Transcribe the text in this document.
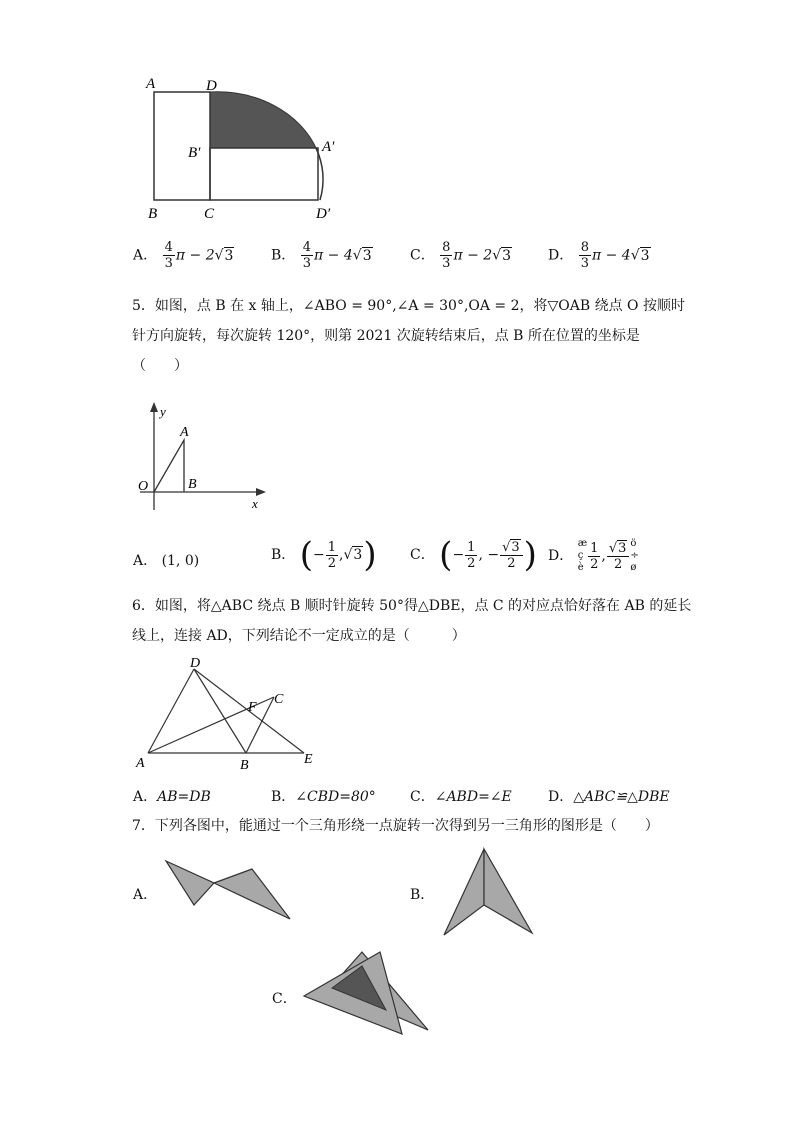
A	D
B′	A′
B	C	D′
A． $\frac{4}{3}$ π − 2√3	B． $\frac{4}{3}$ π − 4√3	C． $\frac{8}{3}$ π − 2√3	D． $\frac{8}{3}$ π − 4√3
5．如图，点 B 在 x 轴上，∠ABO = 90°,∠A = 30°,OA = 2，将▽OAB 绕点 O 按顺时
针方向旋转，每次旋转 120°，则第 2021 次旋转结束后，点 B 所在位置的坐标是
（　　）
y
x
O
A
B
A． (1, 0)	B． (− $\frac{1}{2} ,√3$) C． (− $\frac{1}{2}$ , − $\frac{√3}{2}$ ) D． æ
ç
è $\frac{1}{2}$ , $\frac{√3}{2}$ ö
÷
ø
6．如图，将△ABC 绕点 B 顺时针旋转 50°得△DBE，点 C 的对应点恰好落在 AB 的延长
线上，连接 AD，下列结论不一定成立的是（　　　）
D
F
C
A	B	E
A．AB=DB	B．∠CBD=80° C．∠ABD=∠E	D．△ABC≌△DBE
7．下列各图中，能通过一个三角形绕一点旋转一次得到另一三角形的图形是（　　）
A．	B．
C．
